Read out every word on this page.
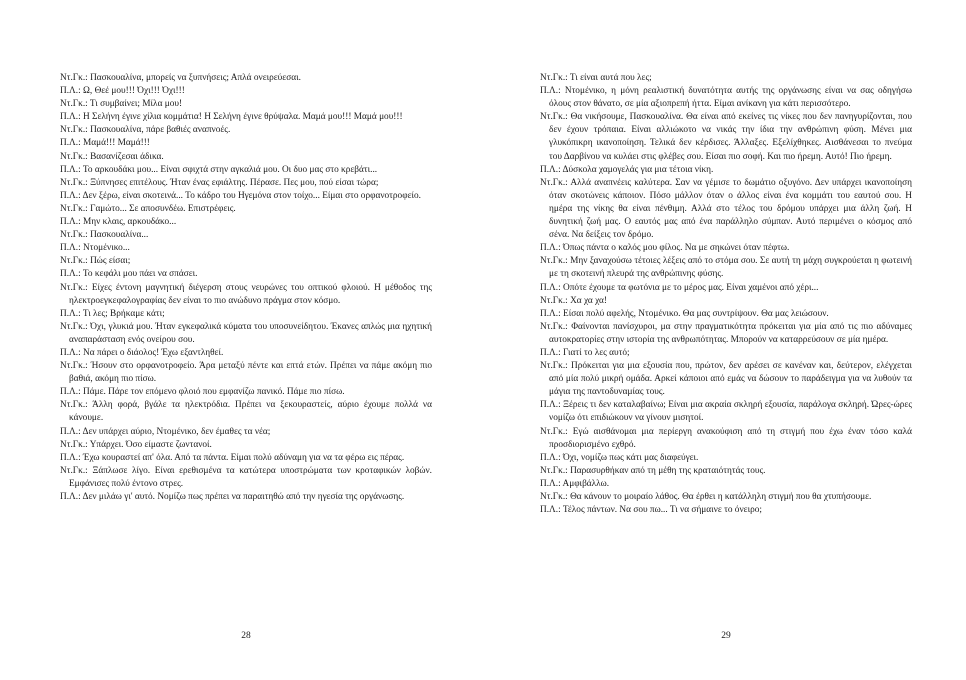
Ντ.Γκ.: Πασκουαλίνα, μπορείς να ξυπνήσεις; Απλά ονειρεύεσαι.
Π.Λ.: Ω, Θεέ μου!!! Όχι!!! Όχι!!!
Ντ.Γκ.: Τι συμβαίνει; Μίλα μου!
Π.Λ.: Η Σελήνη έγινε χίλια κομμάτια! Η Σελήνη έγινε θρύψαλα. Μαμά μου!!! Μαμά μου!!!
Ντ.Γκ.: Πασκουαλίνα, πάρε βαθιές αναπνοές.
Π.Λ.: Μαμά!!! Μαμά!!!
Ντ.Γκ.: Βασανίζεσαι άδικα.
Π.Λ.: Το αρκουδάκι μου... Είναι σφιχτά στην αγκαλιά μου. Οι δυο μας στο κρεβάτι...
Ντ.Γκ.: Ξύπνησες επιτέλους. Ήταν ένας εφιάλτης. Πέρασε. Πες μου, πού είσαι τώρα;
Π.Λ.: Δεν ξέρω, είναι σκοτεινά... Το κάδρο του Ηγεμόνα στον τοίχο... Είμαι στο ορφανοτροφείο.
Ντ.Γκ.: Γαμώτο... Σε αποσυνδέω. Επιστρέφεις.
Π.Λ.: Μην κλαις, αρκουδάκο...
Ντ.Γκ.: Πασκουαλίνα...
Π.Λ.: Ντομένικο...
Ντ.Γκ.: Πώς είσαι;
Π.Λ.: Το κεφάλι μου πάει να σπάσει.
Ντ.Γκ.: Είχες έντονη μαγνητική διέγερση στους νευρώνες του οπτικού φλοιού. Η μέθοδος της ηλεκτροεγκεφαλογραφίας δεν είναι το πιο ανώδυνο πράγμα στον κόσμο.
Π.Λ.: Τι λες; Βρήκαμε κάτι;
Ντ.Γκ.: Όχι, γλυκιά μου. Ήταν εγκεφαλικά κύματα του υποσυνείδητου. Έκανες απλώς μια ηχητική αναπαράσταση ενός ονείρου σου.
Π.Λ.: Να πάρει ο διάολος! Έχω εξαντληθεί.
Ντ.Γκ.: Ήσουν στο ορφανοτροφείο. Άρα μεταξύ πέντε και επτά ετών. Πρέπει να πάμε ακόμη πιο βαθιά, ακόμη πιο πίσω.
Π.Λ.: Πάμε. Πάρε τον επόμενο φλοιό που εμφανίζω πανικό. Πάμε πιο πίσω.
Ντ.Γκ.: Άλλη φορά, βγάλε τα ηλεκτρόδια. Πρέπει να ξεκουραστείς, αύριο έχουμε πολλά να κάνουμε.
Π.Λ.: Δεν υπάρχει αύριο, Ντομένικο, δεν έμαθες τα νέα;
Ντ.Γκ.: Υπάρχει. Όσο είμαστε ζωντανοί.
Π.Λ.: Έχω κουραστεί απ' όλα. Από τα πάντα. Είμαι πολύ αδύναμη για να τα φέρω εις πέρας.
Ντ.Γκ.: Ξάπλωσε λίγο. Είναι ερεθισμένα τα κατώτερα υποστρώματα των κροταφικών λοβών. Εμφάνισες πολύ έντονο στρες.
Π.Λ.: Δεν μιλάω γι' αυτό. Νομίζω πως πρέπει να παραιτηθώ από την ηγεσία της οργάνωσης.
28
Ντ.Γκ.: Τι είναι αυτά που λες;
Π.Λ.: Ντομένικο, η μόνη ρεαλιστική δυνατότητα αυτής της οργάνωσης είναι να σας οδηγήσω όλους στον θάνατο, σε μία αξιοπρεπή ήττα. Είμαι ανίκανη για κάτι περισσότερο.
Ντ.Γκ.: Θα νικήσουμε, Πασκουαλίνα. Θα είναι από εκείνες τις νίκες που δεν πανηγυρίζονται, που δεν έχουν τρόπαια. Είναι αλλιώκοτο να νικάς την ίδια την ανθρώπινη φύση. Μένει μια γλυκόπικρη ικανοποίηση. Τελικά δεν κέρδισες. Άλλαξες. Εξελίχθηκες. Αισθάνεσαι το πνεύμα του Δαρβίνου να κυλάει στις φλέβες σου. Είσαι πιο σοφή. Και πιο ήρεμη. Αυτό! Πιο ήρεμη.
Π.Λ.: Δύσκολα χαμογελάς για μια τέτοια νίκη.
Ντ.Γκ.: Αλλά αναπνέεις καλύτερα. Σαν να γέμισε το δωμάτιο οξυγόνο. Δεν υπάρχει ικανοποίηση όταν σκοτώνεις κάποιον. Πόσο μάλλον όταν ο άλλος είναι ένα κομμάτι του εαυτού σου. Η ημέρα της νίκης θα είναι πένθιμη. Αλλά στο τέλος του δρόμου υπάρχει μια άλλη ζωή. Η δυνητική ζωή μας. Ο εαυτός μας από ένα παράλληλο σύμπαν. Αυτό περιμένει ο κόσμος από σένα. Να δείξεις τον δρόμο.
Π.Λ.: Όπως πάντα ο καλός μου φίλος. Να με σηκώνει όταν πέφτω.
Ντ.Γκ.: Μην ξαναχούσω τέτοιες λέξεις από το στόμα σου. Σε αυτή τη μάχη συγκρούεται η φωτεινή με τη σκοτεινή πλευρά της ανθρώπινης φύσης.
Π.Λ.: Οπότε έχουμε τα φωτόνια με το μέρος μας. Είναι χαμένοι από χέρι...
Ντ.Γκ.: Χα χα χα!
Π.Λ.: Είσαι πολύ αφελής, Ντομένικο. Θα μας συντρίψουν. Θα μας λειώσουν.
Ντ.Γκ.: Φαίνονται πανίσχυροι, μα στην πραγματικότητα πρόκειται για μία από τις πιο αδύναμες αυτοκρατορίες στην ιστορία της ανθρωπότητας. Μπορούν να καταρρεύσουν σε μία ημέρα.
Π.Λ.: Γιατί το λες αυτό;
Ντ.Γκ.: Πρόκειται για μια εξουσία που, πρώτον, δεν αρέσει σε κανέναν και, δεύτερον, ελέγχεται από μία πολύ μικρή ομάδα. Αρκεί κάποιοι από εμάς να δώσουν το παράδειγμα για να λυθούν τα μάγια της παντοδυναμίας τους.
Π.Λ.: Ξέρεις τι δεν καταλαβαίνω; Είναι μια ακραία σκληρή εξουσία, παράλογα σκληρή. Ώρες-ώρες νομίζω ότι επιδιώκουν να γίνουν μισητοί.
Ντ.Γκ.: Εγώ αισθάνομαι μια περίεργη ανακούφιση από τη στιγμή που έχω έναν τόσο καλά προσδιορισμένο εχθρό.
Π.Λ.: Όχι, νομίζω πως κάτι μας διαφεύγει.
Ντ.Γκ.: Παρασυρθήκαν από τη μέθη της κραταιότητάς τους.
Π.Λ.: Αμφιβάλλω.
Ντ.Γκ.: Θα κάνουν το μοιραίο λάθος. Θα έρθει η κατάλληλη στιγμή που θα χτυπήσουμε.
Π.Λ.: Τέλος πάντων. Να σου πω... Τι να σήμαινε το όνειρο;
29
